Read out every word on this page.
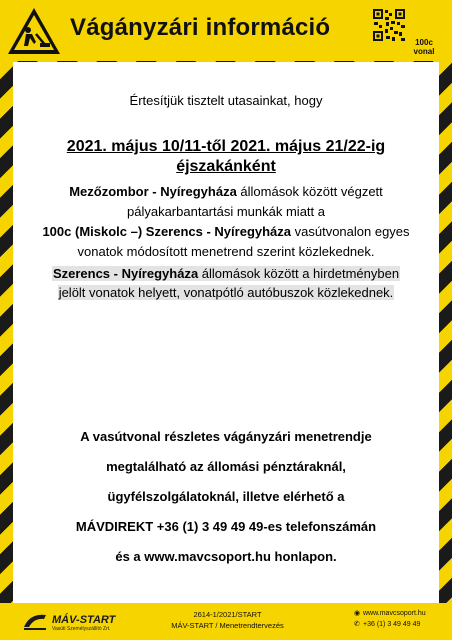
Vágányzári információ
100c
vonal
Értesítjük tisztelt utasainkat, hogy
2021. május 10/11-től 2021. május 21/22-ig
éjszakánként
Mezőzombor - Nyíregyháza állomások között végzett
pályakarbantartási munkák miatt a
100c (Miskolc –) Szerencs - Nyíregyháza vasútvonalon egyes
vonatok módosított menetrend szerint közlekednek.
Szerencs - Nyíregyháza állomások között a hirdetményben
jelölt vonatok helyett, vonatpótló autóbuszok közlekednek.
A vasútvonal részletes vágányzári menetrendje
megtalálható az állomási pénztáraknál,
ügyfélszolgálatoknál, illetve elérhető a
MÁVDIREKT +36 (1) 3 49 49 49-es telefonszámán
és a www.mavcsoport.hu honlapon.
MÁV-START
Vasúti Személyszállító Zrt.
2614-1/2021/START
MÁV-START / Menetrendtervezés
◉ www.mavcsoport.hu
✆ +36 (1) 3 49 49 49
